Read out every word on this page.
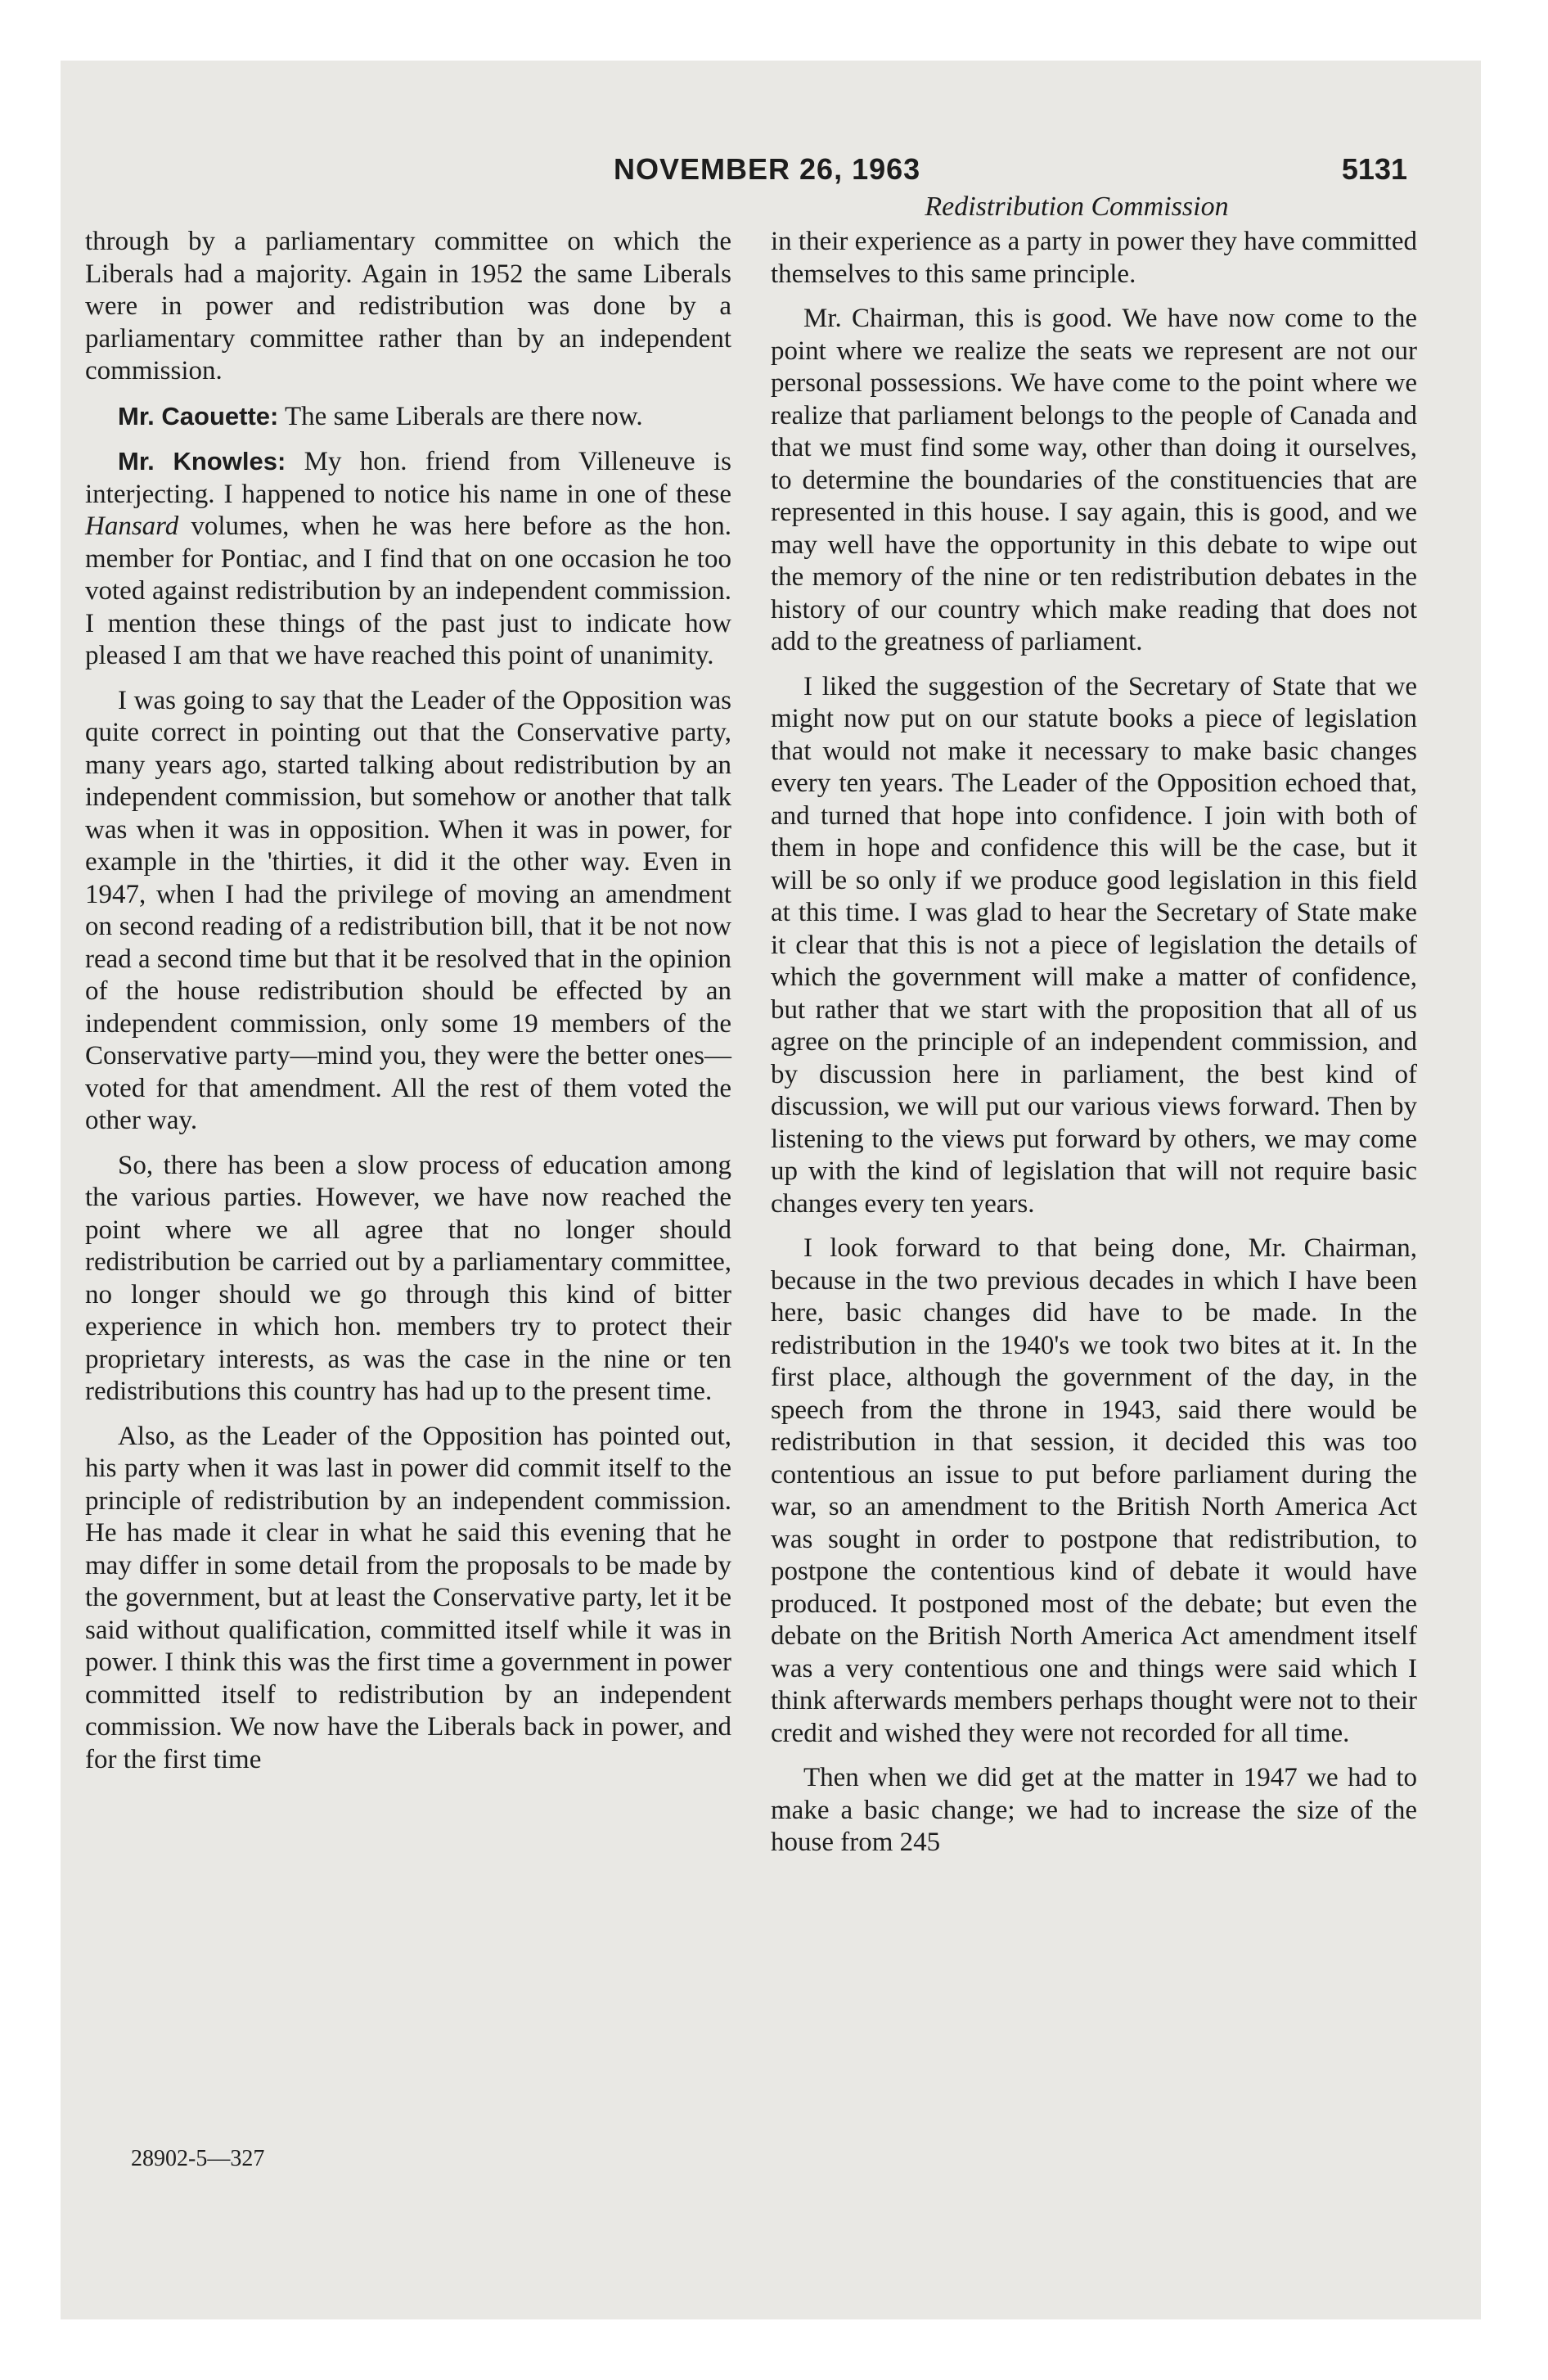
NOVEMBER 26, 1963	5131
Redistribution Commission

through by a parliamentary committee on which the Liberals had a majority. Again in 1952 the same Liberals were in power and redistribution was done by a parliamentary committee rather than by an independent commission.

Mr. Caouette: The same Liberals are there now.

Mr. Knowles: My hon. friend from Villeneuve is interjecting. I happened to notice his name in one of these Hansard volumes, when he was here before as the hon. member for Pontiac, and I find that on one occasion he too voted against redistribution by an independent commission. I mention these things of the past just to indicate how pleased I am that we have reached this point of unanimity.

I was going to say that the Leader of the Opposition was quite correct in pointing out that the Conservative party, many years ago, started talking about redistribution by an independent commission, but somehow or another that talk was when it was in opposition. When it was in power, for example in the 'thirties, it did it the other way. Even in 1947, when I had the privilege of moving an amendment on second reading of a redistribution bill, that it be not now read a second time but that it be resolved that in the opinion of the house redistribution should be effected by an independent commission, only some 19 members of the Conservative party—mind you, they were the better ones—voted for that amendment. All the rest of them voted the other way.

So, there has been a slow process of education among the various parties. However, we have now reached the point where we all agree that no longer should redistribution be carried out by a parliamentary committee, no longer should we go through this kind of bitter experience in which hon. members try to protect their proprietary interests, as was the case in the nine or ten redistributions this country has had up to the present time.

Also, as the Leader of the Opposition has pointed out, his party when it was last in power did commit itself to the principle of redistribution by an independent commission. He has made it clear in what he said this evening that he may differ in some detail from the proposals to be made by the government, but at least the Conservative party, let it be said without qualification, committed itself while it was in power. I think this was the first time a government in power committed itself to redistribution by an independent commission. We now have the Liberals back in power, and for the first time

in their experience as a party in power they have committed themselves to this same principle.

Mr. Chairman, this is good. We have now come to the point where we realize the seats we represent are not our personal possessions. We have come to the point where we realize that parliament belongs to the people of Canada and that we must find some way, other than doing it ourselves, to determine the boundaries of the constituencies that are represented in this house. I say again, this is good, and we may well have the opportunity in this debate to wipe out the memory of the nine or ten redistribution debates in the history of our country which make reading that does not add to the greatness of parliament.

I liked the suggestion of the Secretary of State that we might now put on our statute books a piece of legislation that would not make it necessary to make basic changes every ten years. The Leader of the Opposition echoed that, and turned that hope into confidence. I join with both of them in hope and confidence this will be the case, but it will be so only if we produce good legislation in this field at this time. I was glad to hear the Secretary of State make it clear that this is not a piece of legislation the details of which the government will make a matter of confidence, but rather that we start with the proposition that all of us agree on the principle of an independent commission, and by discussion here in parliament, the best kind of discussion, we will put our various views forward. Then by listening to the views put forward by others, we may come up with the kind of legislation that will not require basic changes every ten years.

I look forward to that being done, Mr. Chairman, because in the two previous decades in which I have been here, basic changes did have to be made. In the redistribution in the 1940's we took two bites at it. In the first place, although the government of the day, in the speech from the throne in 1943, said there would be redistribution in that session, it decided this was too contentious an issue to put before parliament during the war, so an amendment to the British North America Act was sought in order to postpone that redistribution, to postpone the contentious kind of debate it would have produced. It postponed most of the debate; but even the debate on the British North America Act amendment itself was a very contentious one and things were said which I think afterwards members perhaps thought were not to their credit and wished they were not recorded for all time.

Then when we did get at the matter in 1947 we had to make a basic change; we had to increase the size of the house from 245

28902-5—327
